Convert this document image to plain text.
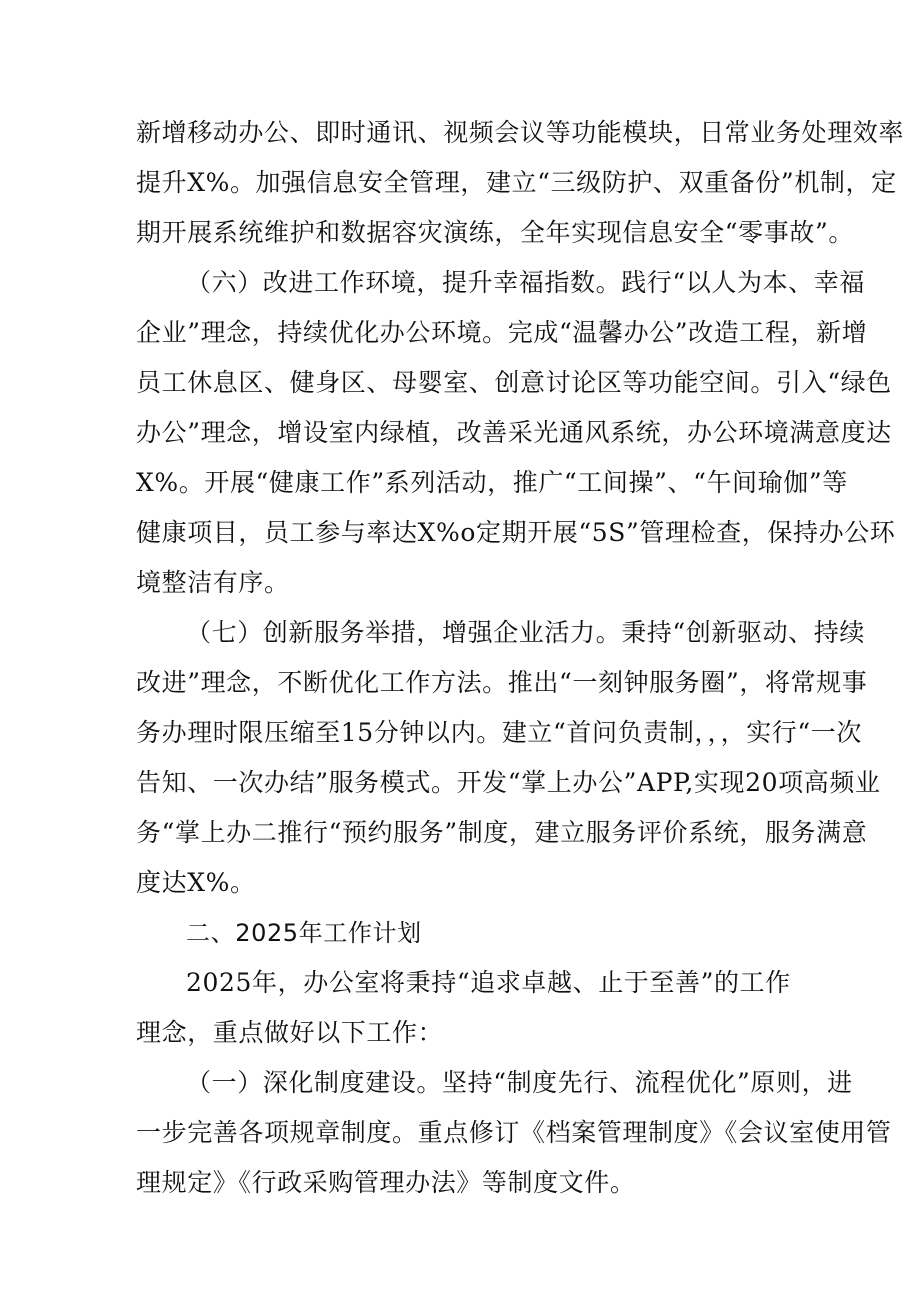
新增移动办公、即时通讯、视频会议等功能模块，日常业务处理效率
提升X%。加强信息安全管理，建立“三级防护、双重备份”机制，定
期开展系统维护和数据容灾演练，全年实现信息安全“零事故”。
（六）改进工作环境，提升幸福指数。践行“以人为本、幸福
企业”理念，持续优化办公环境。完成“温馨办公”改造工程，新增
员工休息区、健身区、母婴室、创意讨论区等功能空间。引入“绿色
办公”理念，增设室内绿植，改善采光通风系统，办公环境满意度达
X%。开展“健康工作”系列活动，推广“工间操”、“午间瑜伽”等
健康项目，员工参与率达X%o定期开展“5S”管理检查，保持办公环
境整洁有序。
（七）创新服务举措，增强企业活力。秉持“创新驱动、持续
改进”理念，不断优化工作方法。推出“一刻钟服务圈”，将常规事
务办理时限压缩至15分钟以内。建立“首问负责制，，，实行“一次
告知、一次办结”服务模式。开发“掌上办公”APP,实现20项高频业
务“掌上办二推行“预约服务”制度，建立服务评价系统，服务满意
度达X%。
二、2025年工作计划
2025年，办公室将秉持“追求卓越、止于至善”的工作
理念，重点做好以下工作：
（一）深化制度建设。坚持“制度先行、流程优化”原则，进
一步完善各项规章制度。重点修订《档案管理制度》《会议室使用管
理规定》《行政采购管理办法》等制度文件。
